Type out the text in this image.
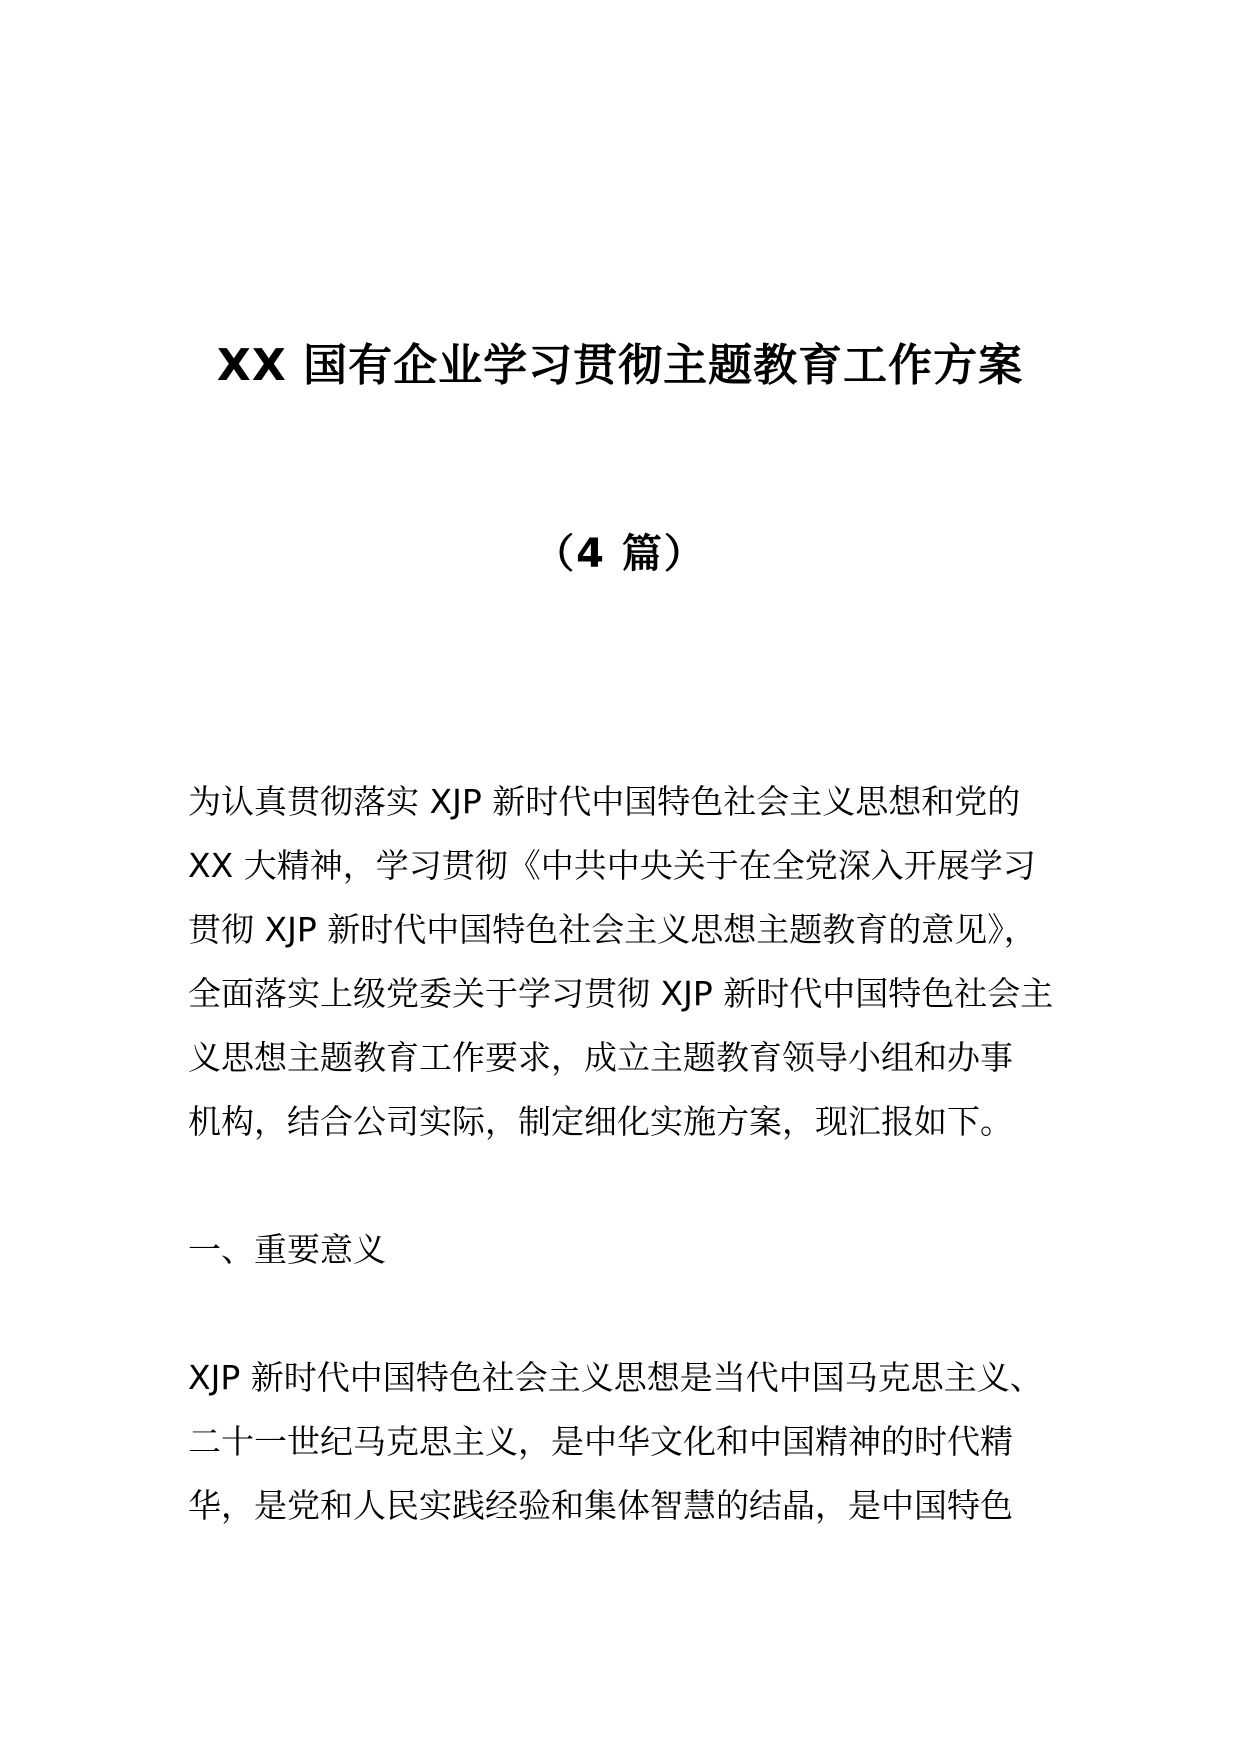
XX 国有企业学习贯彻主题教育工作方案
（4 篇）
为认真贯彻落实 XJP 新时代中国特色社会主义思想和党的
XX 大精神，学习贯彻《中共中央关于在全党深入开展学习
贯彻 XJP 新时代中国特色社会主义思想主题教育的意见》，
全面落实上级党委关于学习贯彻 XJP 新时代中国特色社会主
义思想主题教育工作要求，成立主题教育领导小组和办事
机构，结合公司实际，制定细化实施方案，现汇报如下。
一、重要意义
XJP 新时代中国特色社会主义思想是当代中国马克思主义、
二十一世纪马克思主义，是中华文化和中国精神的时代精
华，是党和人民实践经验和集体智慧的结晶，是中国特色
